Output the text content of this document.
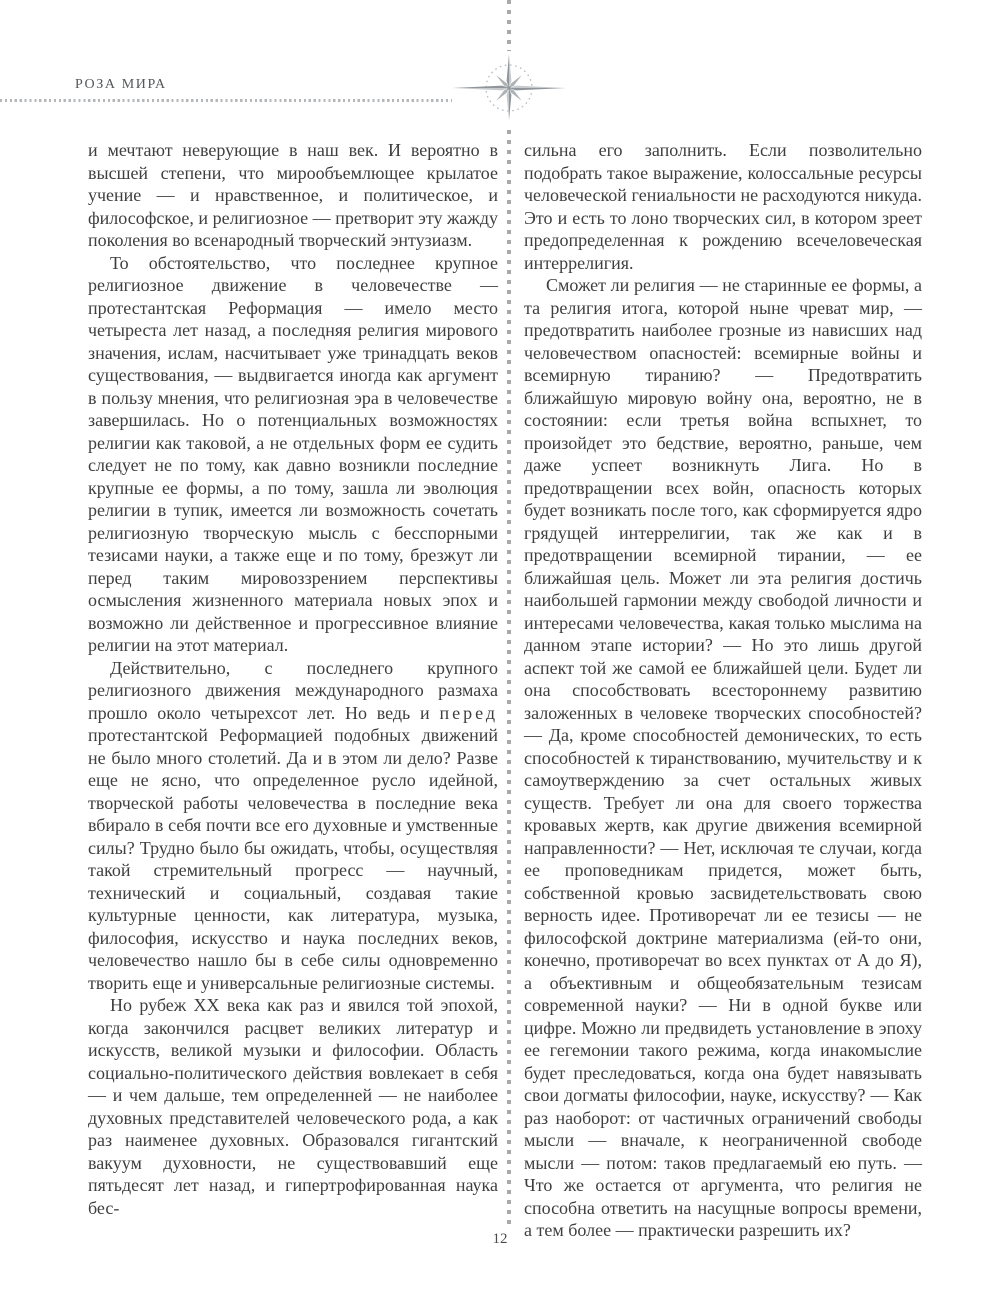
РОЗА МИРА

и мечтают неверующие в наш век. И вероятно в высшей степени, что мирообъемлющее крылатое учение — и нравственное, и политическое, и философское, и религиозное — претворит эту жажду поколения во всенародный творческий энтузиазм.

То обстоятельство, что последнее крупное религиозное движение в человечестве — протестантская Реформация — имело место четыреста лет назад, а последняя религия мирового значения, ислам, насчитывает уже тринадцать веков существования, — выдвигается иногда как аргумент в пользу мнения, что религиозная эра в человечестве завершилась. Но о потенциальных возможностях религии как таковой, а не отдельных форм ее судить следует не по тому, как давно возникли последние крупные ее формы, а по тому, зашла ли эволюция религии в тупик, имеется ли возможность сочетать религиозную творческую мысль с бесспорными тезисами науки, а также еще и по тому, брезжут ли перед таким мировоззрением перспективы осмысления жизненного материала новых эпох и возможно ли действенное и прогрессивное влияние религии на этот материал.

Действительно, с последнего крупного религиозного движения международного размаха прошло около четырехсот лет. Но ведь и перед протестантской Реформацией подобных движений не было много столетий. Да и в этом ли дело? Разве еще не ясно, что определенное русло идейной, творческой работы человечества в последние века вбирало в себя почти все его духовные и умственные силы? Трудно было бы ожидать, чтобы, осуществляя такой стремительный прогресс — научный, технический и социальный, создавая такие культурные ценности, как литература, музыка, философия, искусство и наука последних веков, человечество нашло бы в себе силы одновременно творить еще и универсальные религиозные системы.

Но рубеж XX века как раз и явился той эпохой, когда закончился расцвет великих литератур и искусств, великой музыки и философии. Область социально-политического действия вовлекает в себя — и чем дальше, тем определенней — не наиболее духовных представителей человеческого рода, а как раз наименее духовных. Образовался гигантский вакуум духовности, не существовавший еще пятьдесят лет назад, и гипертрофированная наука бес-

сильна его заполнить. Если позволительно подобрать такое выражение, колоссальные ресурсы человеческой гениальности не расходуются никуда. Это и есть то лоно творческих сил, в котором зреет предопределенная к рождению всечеловеческая интеррелигия.

Сможет ли религия — не старинные ее формы, а та религия итога, которой ныне чреват мир, — предотвратить наиболее грозные из нависших над человечеством опасностей: всемирные войны и всемирную тиранию? — Предотвратить ближайшую мировую войну она, вероятно, не в состоянии: если третья война вспыхнет, то произойдет это бедствие, вероятно, раньше, чем даже успеет возникнуть Лига. Но в предотвращении всех войн, опасность которых будет возникать после того, как сформируется ядро грядущей интеррелигии, так же как и в предотвращении всемирной тирании, — ее ближайшая цель. Может ли эта религия достичь наибольшей гармонии между свободой личности и интересами человечества, какая только мыслима на данном этапе истории? — Но это лишь другой аспект той же самой ее ближайшей цели. Будет ли она способствовать всестороннему развитию заложенных в человеке творческих способностей? — Да, кроме способностей демонических, то есть способностей к тиранствованию, мучительству и к самоутверждению за счет остальных живых существ. Требует ли она для своего торжества кровавых жертв, как другие движения всемирной направленности? — Нет, исключая те случаи, когда ее проповедникам придется, может быть, собственной кровью засвидетельствовать свою верность идее. Противоречат ли ее тезисы — не философской доктрине материализма (ей-то они, конечно, противоречат во всех пунктах от А до Я), а объективным и общеобязательным тезисам современной науки? — Ни в одной букве или цифре. Можно ли предвидеть установление в эпоху ее гегемонии такого режима, когда инакомыслие будет преследоваться, когда она будет навязывать свои догматы философии, науке, искусству? — Как раз наоборот: от частичных ограничений свободы мысли — вначале, к неограниченной свободе мысли — потом: таков предлагаемый ею путь. — Что же остается от аргумента, что религия не способна ответить на насущные вопросы времени, а тем более — практически разрешить их?

12
